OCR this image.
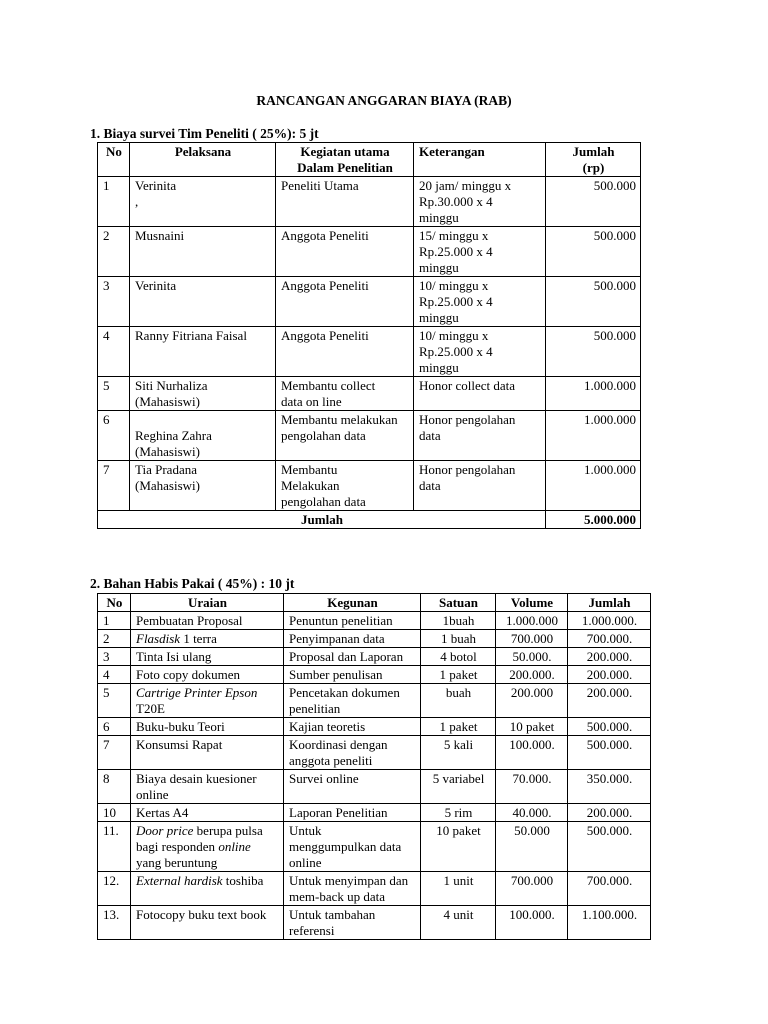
RANCANGAN ANGGARAN BIAYA (RAB)
1. Biaya survei Tim Peneliti ( 25%): 5 jt
No	Pelaksana	Kegiatan utama
Dalam Penelitian	Keterangan	Jumlah
(rp)
1	Verinita
,	Peneliti Utama	20 jam/ minggu x
Rp.30.000 x 4
minggu	500.000
2	Musnaini	Anggota Peneliti	15/ minggu x
Rp.25.000 x 4
minggu	500.000
3	Verinita	Anggota Peneliti	10/ minggu x
Rp.25.000 x 4
minggu	500.000
4	Ranny Fitriana Faisal	Anggota Peneliti	10/ minggu x
Rp.25.000 x 4
minggu	500.000
5	Siti Nurhaliza
(Mahasiswi)	Membantu collect
data on line	Honor collect data	1.000.000
6	
Reghina Zahra
(Mahasiswi)	Membantu melakukan
pengolahan data	Honor pengolahan
data	1.000.000
7	Tia Pradana
(Mahasiswi)	Membantu
Melakukan
pengolahan data	Honor pengolahan
data	1.000.000
Jumlah				5.000.000
2. Bahan Habis Pakai ( 45%) : 10 jt
No	Uraian	Kegunan	Satuan	Volume	Jumlah
1	Pembuatan Proposal	Penuntun penelitian	1buah	1.000.000	1.000.000.
2	Flasdisk 1 terra	Penyimpanan data	1 buah	700.000	700.000.
3	Tinta Isi ulang	Proposal dan Laporan	4 botol	50.000.	200.000.
4	Foto copy dokumen	Sumber penulisan	1 paket	200.000.	200.000.
5	Cartrige Printer Epson
T20E	Pencetakan dokumen
penelitian	buah	200.000	200.000.
6	Buku-buku Teori	Kajian teoretis	1 paket	10 paket	500.000.
7	Konsumsi Rapat	Koordinasi dengan
anggota peneliti	5 kali	100.000.	500.000.
8	Biaya desain kuesioner
online	Survei online	5 variabel	70.000.	350.000.
10	Kertas A4	Laporan Penelitian	5 rim	40.000.	200.000.
11.	Door price berupa pulsa
bagi responden online
yang beruntung	Untuk
menggumpulkan data
online	10 paket	50.000	500.000.
12.	External hardisk toshiba	Untuk menyimpan dan
mem-back up data	1 unit	700.000	700.000.
13.	Fotocopy buku text book	Untuk tambahan
referensi	4 unit	100.000.	1.100.000.
